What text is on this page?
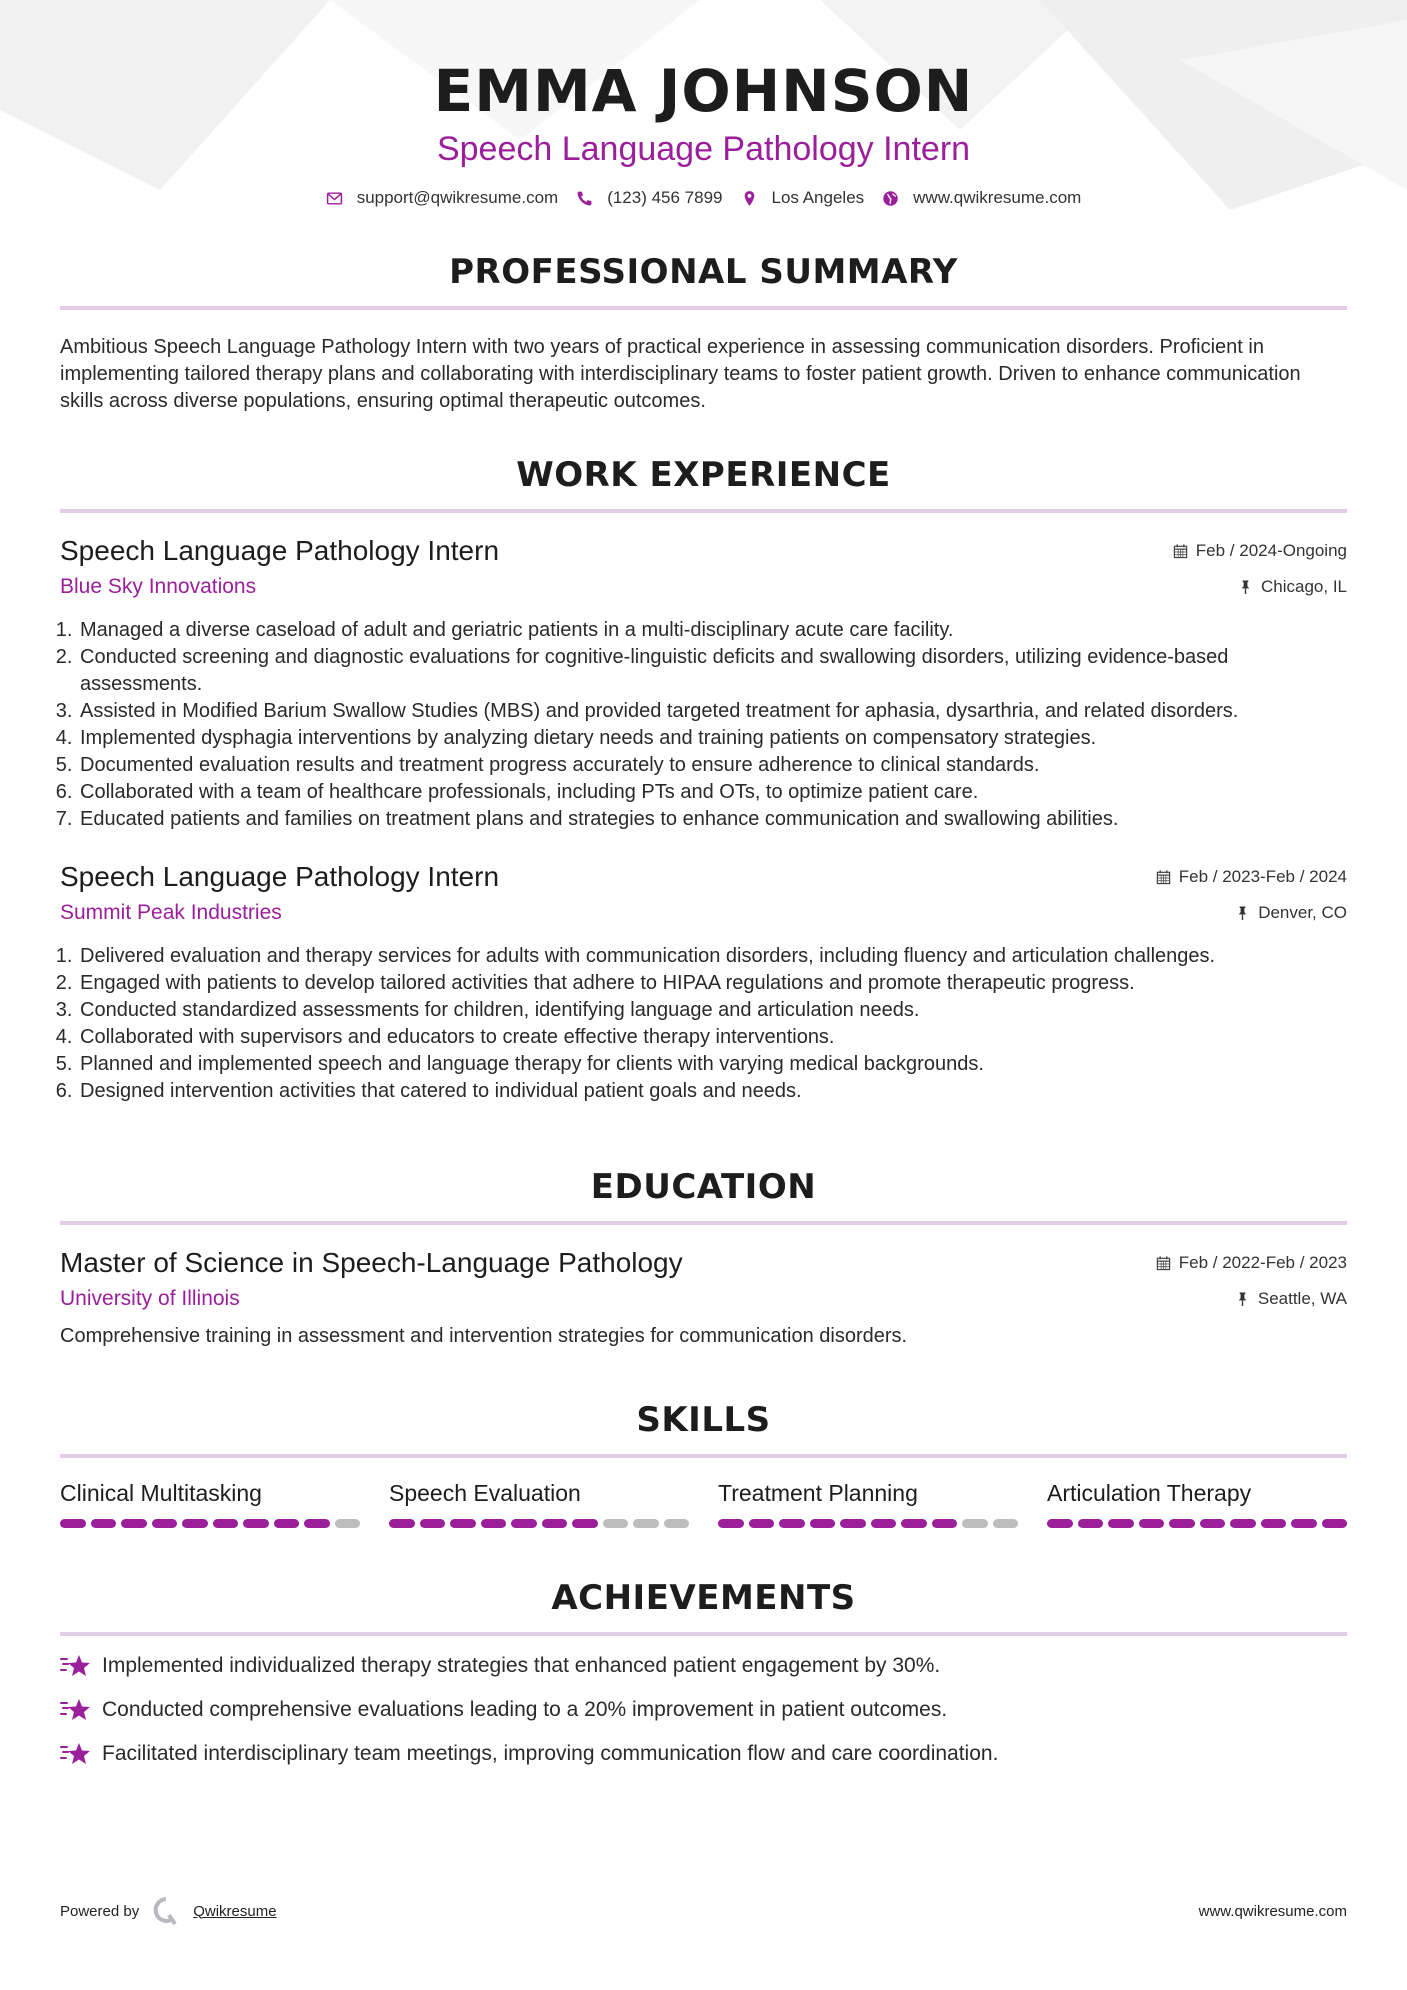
EMMA JOHNSON
Speech Language Pathology Intern
support@qwikresume.com	(123) 456 7899	Los Angeles	www.qwikresume.com
PROFESSIONAL SUMMARY

Ambitious Speech Language Pathology Intern with two years of practical experience in assessing communication disorders. Proficient in implementing tailored therapy plans and collaborating with interdisciplinary teams to foster patient growth. Driven to enhance communication skills across diverse populations, ensuring optimal therapeutic outcomes.

WORK EXPERIENCE
Speech Language Pathology Intern	Feb / 2024-Ongoing
Blue Sky Innovations	Chicago, IL
1. Managed a diverse caseload of adult and geriatric patients in a multi-disciplinary acute care facility.
2. Conducted screening and diagnostic evaluations for cognitive-linguistic deficits and swallowing disorders, utilizing evidence-based assessments.
3. Assisted in Modified Barium Swallow Studies (MBS) and provided targeted treatment for aphasia, dysarthria, and related disorders.
4. Implemented dysphagia interventions by analyzing dietary needs and training patients on compensatory strategies.
5. Documented evaluation results and treatment progress accurately to ensure adherence to clinical standards.
6. Collaborated with a team of healthcare professionals, including PTs and OTs, to optimize patient care.
7. Educated patients and families on treatment plans and strategies to enhance communication and swallowing abilities.
Speech Language Pathology Intern	Feb / 2023-Feb / 2024
Summit Peak Industries	Denver, CO
1. Delivered evaluation and therapy services for adults with communication disorders, including fluency and articulation challenges.
2. Engaged with patients to develop tailored activities that adhere to HIPAA regulations and promote therapeutic progress.
3. Conducted standardized assessments for children, identifying language and articulation needs.
4. Collaborated with supervisors and educators to create effective therapy interventions.
5. Planned and implemented speech and language therapy for clients with varying medical backgrounds.
6. Designed intervention activities that catered to individual patient goals and needs.
EDUCATION
Master of Science in Speech-Language Pathology	Feb / 2022-Feb / 2023
University of Illinois	Seattle, WA

Comprehensive training in assessment and intervention strategies for communication disorders.

SKILLS
Clinical Multitasking	Speech Evaluation	Treatment Planning	Articulation Therapy
ACHIEVEMENTS
Implemented individualized therapy strategies that enhanced patient engagement by 30%.
Conducted comprehensive evaluations leading to a 20% improvement in patient outcomes.
Facilitated interdisciplinary team meetings, improving communication flow and care coordination.
Powered by	Qwikresume	www.qwikresume.com
